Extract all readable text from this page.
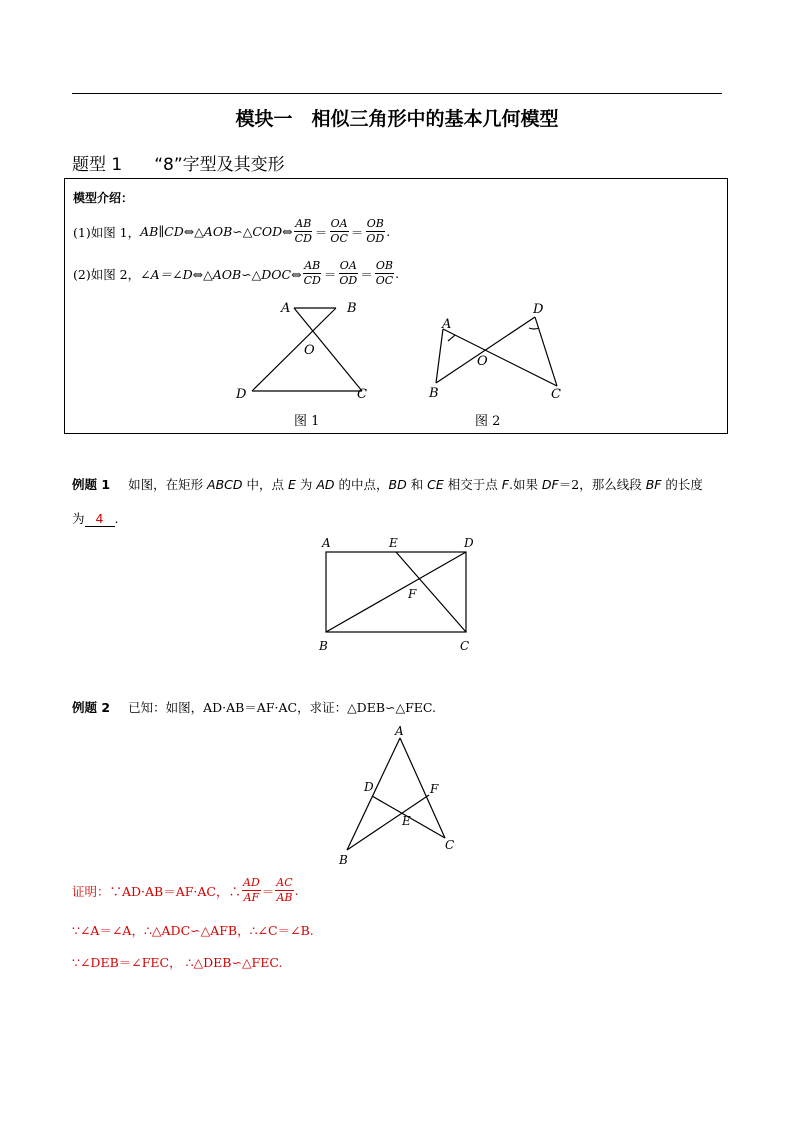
模块一　相似三角形中的基本几何模型
题型 1 “8”字型及其变形
模型介绍：
(1)如图 1， AB∥CD⇔△AOB∽△COD⇔ $\frac{AB}{CD} = \frac{OA}{OC} = \frac{OB}{OD}$ .
(2)如图 2， ∠A＝∠D⇔△AOB∽△DOC⇔ $\frac{AB}{CD} = \frac{OA}{OD} = \frac{OB}{OC}$ .
A	B
O
D	C
图 1
A
D
O
B	C
图 2
例题 1 如图，在矩形 ABCD 中，点 E 为 AD 的中点，BD 和 CE 相交于点 F.如果 DF＝2，那么线段 BF 的长度
为 4 .
A	E	D
F
B	C
例题 2 已知：如图，AD·AB＝AF·AC，求证：△DEB∽△FEC.
A
D	F
E
B
C
证明：∵AD·AB＝AF·AC，∴ $\frac{AD}{AF} = \frac{AC}{AB}$ .
∵∠A＝∠A，∴△ADC∽△AFB，∴∠C＝∠B.
∵∠DEB＝∠FEC， ∴△DEB∽△FEC.
